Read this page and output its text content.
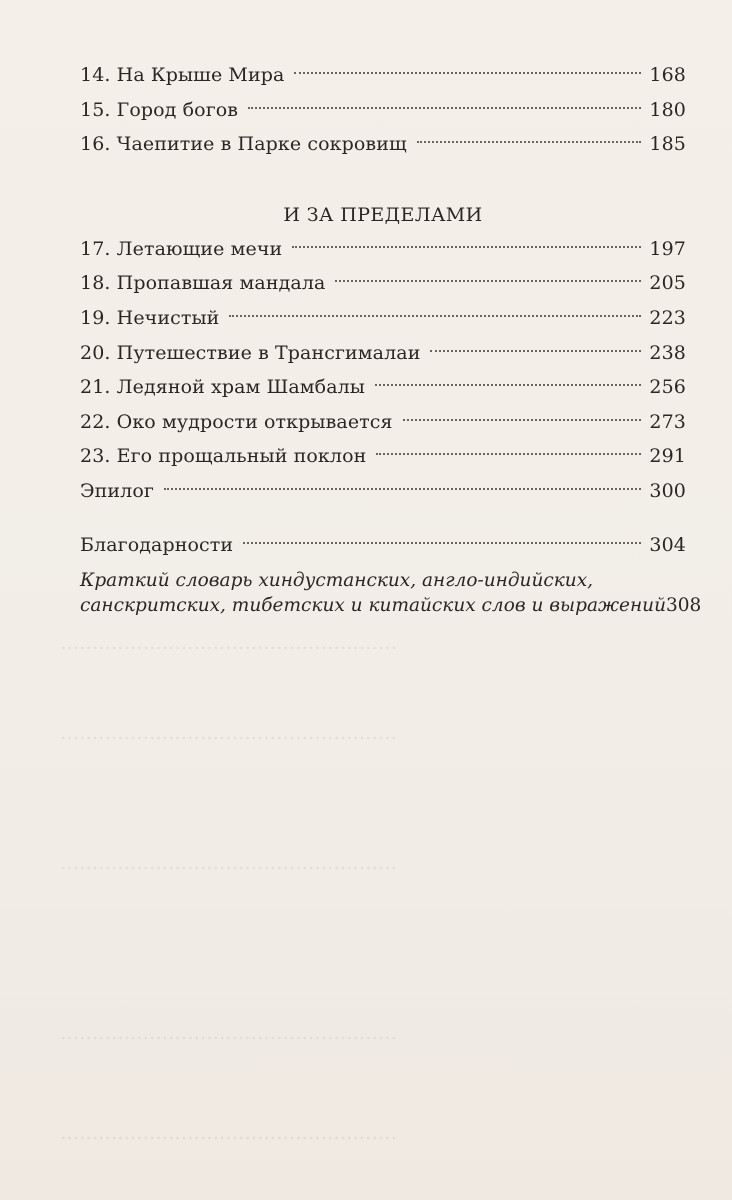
.....................................................
.....................................................
.....................................................
.....................................................
.....................................................
14. На Крыше Мира	168
15. Город богов	180
16. Чаепитие в Парке сокровищ	185
И ЗА ПРЕДЕЛАМИ
17. Летающие мечи	197
18. Пропавшая мандала	205
19. Нечистый	223
20. Путешествие в Трансгималаи	238
21. Ледяной храм Шамбалы	256
22. Око мудрости открывается	273
23. Его прощальный поклон	291
Эпилог	300
Благодарности	304
Краткий словарь хиндустанских, англо-индийских,
санскритских, тибетских и китайских слов и выражений 308
